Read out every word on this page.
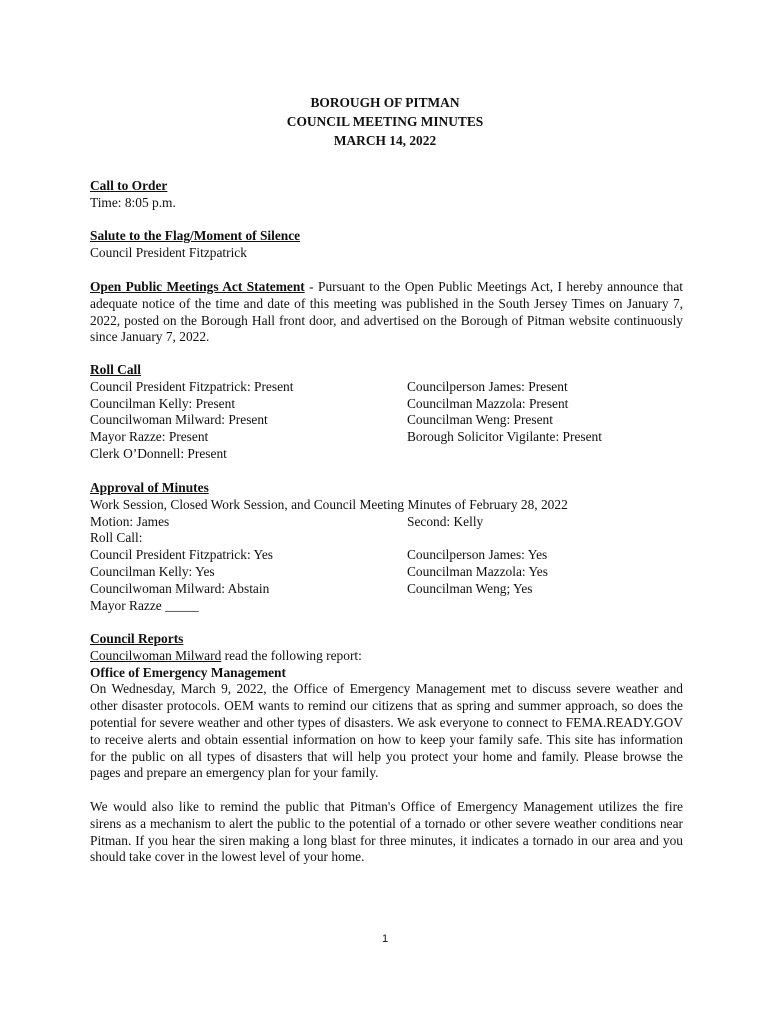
BOROUGH OF PITMAN
COUNCIL MEETING MINUTES
MARCH 14, 2022
Call to Order
Time: 8:05 p.m.
Salute to the Flag/Moment of Silence
Council President Fitzpatrick
Open Public Meetings Act Statement - Pursuant to the Open Public Meetings Act, I hereby announce that adequate notice of the time and date of this meeting was published in the South Jersey Times on January 7, 2022, posted on the Borough Hall front door, and advertised on the Borough of Pitman website continuously since January 7, 2022.
Roll Call
Council President Fitzpatrick: Present	Councilperson James: Present
Councilman Kelly: Present	Councilman Mazzola: Present
Councilwoman Milward: Present	Councilman Weng: Present
Mayor Razze: Present	Borough Solicitor Vigilante: Present
Clerk O’Donnell: Present
Approval of Minutes
Work Session, Closed Work Session, and Council Meeting Minutes of February 28, 2022
Motion: James	Second: Kelly
Roll Call:
Council President Fitzpatrick: Yes	Councilperson James: Yes
Councilman Kelly: Yes	Councilman Mazzola: Yes
Councilwoman Milward: Abstain	Councilman Weng; Yes
Mayor Razze _____
Council Reports
Councilwoman Milward read the following report:
Office of Emergency Management
On Wednesday, March 9, 2022, the Office of Emergency Management met to discuss severe weather and other disaster protocols. OEM wants to remind our citizens that as spring and summer approach, so does the potential for severe weather and other types of disasters. We ask everyone to connect to FEMA.READY.GOV to receive alerts and obtain essential information on how to keep your family safe. This site has information for the public on all types of disasters that will help you protect your home and family. Please browse the pages and prepare an emergency plan for your family.
We would also like to remind the public that Pitman's Office of Emergency Management utilizes the fire sirens as a mechanism to alert the public to the potential of a tornado or other severe weather conditions near Pitman. If you hear the siren making a long blast for three minutes, it indicates a tornado in our area and you should take cover in the lowest level of your home.
1
